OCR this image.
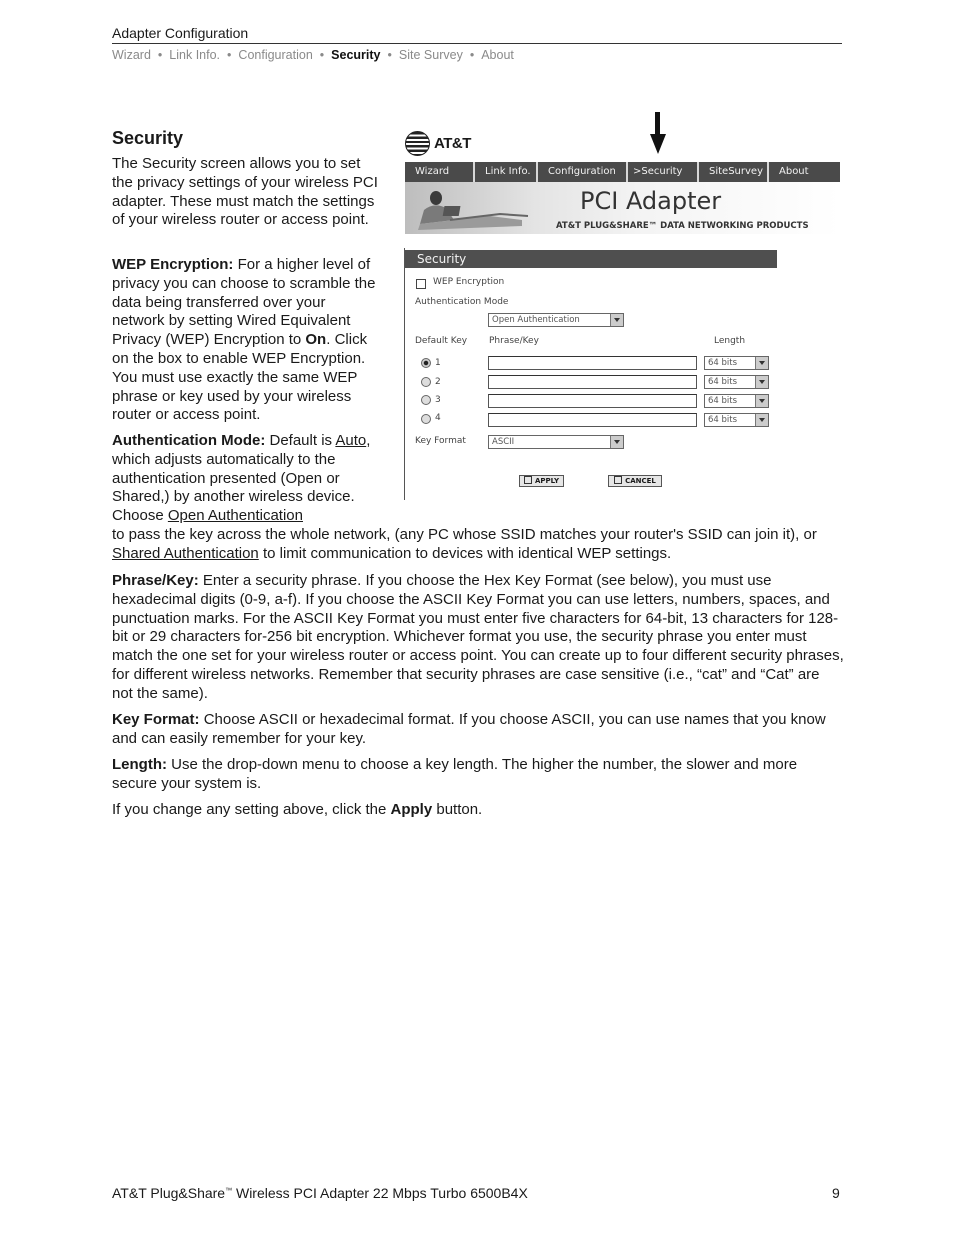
Adapter Configuration
Wizard • Link Info. • Configuration • Security • Site Survey • About
Security

The Security screen allows you to set the privacy settings of your wireless PCI adapter. These must match the settings of your wireless router or access point.

WEP Encryption: For a higher level of privacy you can choose to scramble the data being transferred over your network by setting Wired Equivalent Privacy (WEP) Encryption to On. Click on the box to enable WEP Encryption. You must use exactly the same WEP phrase or key used by your wireless router or access point.

Authentication Mode: Default is Auto, which adjusts automatically to the authentication presented (Open or Shared,) by another wireless device. Choose Open Authentication

to pass the key across the whole network, (any PC whose SSID matches your router's SSID can join it), or Shared Authentication to limit communication to devices with identical WEP settings.

Phrase/Key: Enter a security phrase. If you choose the Hex Key Format (see below), you must use hexadecimal digits (0-9, a-f). If you choose the ASCII Key Format you can use letters, numbers, spaces, and punctuation marks. For the ASCII Key Format you must enter five characters for 64-bit, 13 characters for 128-bit or 29 characters for-256 bit encryption. Whichever format you use, the security phrase you enter must match the one set for your wireless router or access point. You can create up to four different security phrases, for different wireless networks. Remember that security phrases are case sensitive (i.e., “cat” and “Cat” are not the same).

Key Format: Choose ASCII or hexadecimal format. If you choose ASCII, you can use names that you know and can easily remember for your key.

Length: Use the drop-down menu to choose a key length. The higher the number, the slower and more secure your system is.

If you change any setting above, click the Apply button.

AT&T
Wizard	Link Info.	Configuration	>Security	SiteSurvey	About
PCI Adapter
AT&T PLUG&SHARE™ DATA NETWORKING PRODUCTS
Security
WEP Encryption
Authentication Mode
Open Authentication
Default Key Phrase/Key	Length
1	64 bits
2	64 bits
3	64 bits
4	64 bits
Key Format	ASCII
APPLY	CANCEL
AT&T Plug&Share™ Wireless PCI Adapter 22 Mbps Turbo 6500B4X	9
